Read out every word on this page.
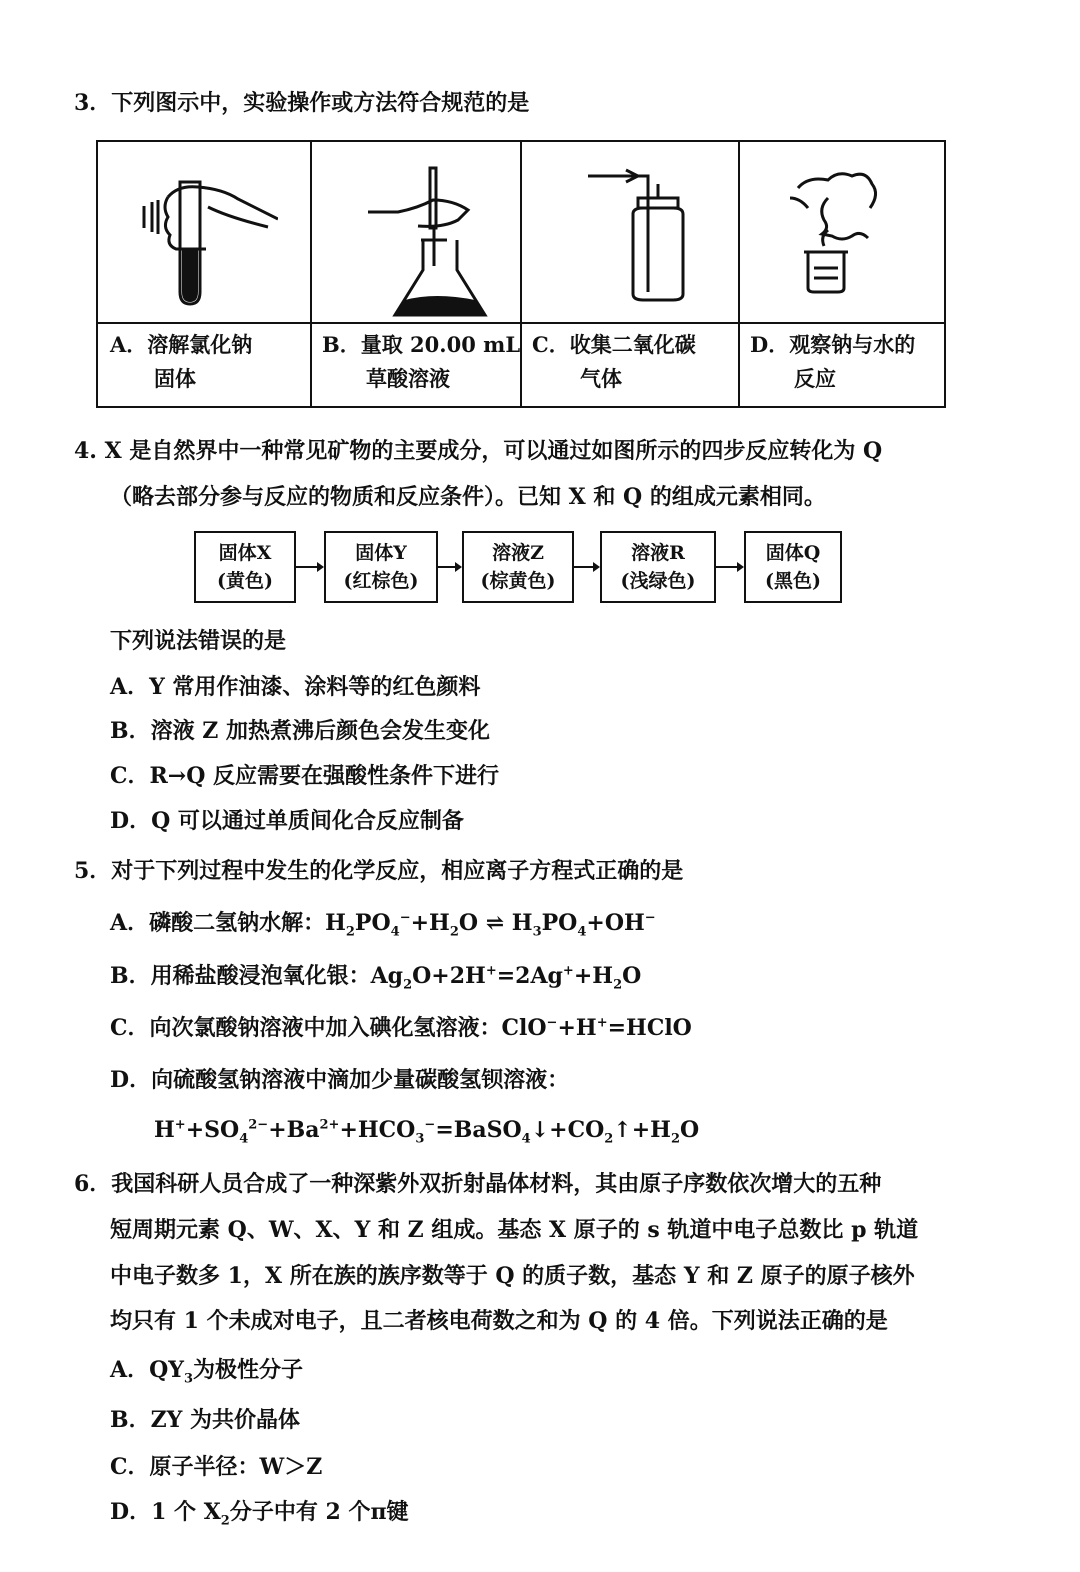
3．下列图示中，实验操作或方法符合规范的是
A．溶解氯化钠
固体
B．量取 20.00 mL
草酸溶液
C．收集二氧化碳
气体
D．观察钠与水的
反应
4. X 是自然界中一种常见矿物的主要成分，可以通过如图所示的四步反应转化为 Q
（略去部分参与反应的物质和反应条件）。已知 X 和 Q 的组成元素相同。
固体X
(黄色)
固体Y
(红棕色)
溶液Z
(棕黄色)
溶液R
(浅绿色)
固体Q
(黑色)
下列说法错误的是
A．Y 常用作油漆、涂料等的红色颜料
B．溶液 Z 加热煮沸后颜色会发生变化
C．R→Q 反应需要在强酸性条件下进行
D．Q 可以通过单质间化合反应制备
5．对于下列过程中发生的化学反应，相应离子方程式正确的是
A．磷酸二氢钠水解：$H_2PO_4^-+H_2O$ ⇌ $H_3PO_4+OH^-$
B．用稀盐酸浸泡氧化银：$Ag_2O+2H^+=2Ag^++H_2O$
C．向次氯酸钠溶液中加入碘化氢溶液：ClO−+H+=HClO
D．向硫酸氢钠溶液中滴加少量碳酸氢钡溶液：
$H^++SO_4^{2-}+Ba^{2+}+HCO_3^-=BaSO_4↓+CO_2↑+H_2O$
6．我国科研人员合成了一种深紫外双折射晶体材料，其由原子序数依次增大的五种
短周期元素 Q、W、X、Y 和 Z 组成。基态 X 原子的 s 轨道中电子总数比 p 轨道
中电子数多 1，X 所在族的族序数等于 Q 的质子数，基态 Y 和 Z 原子的原子核外
均只有 1 个未成对电子，且二者核电荷数之和为 Q 的 4 倍。下列说法正确的是
A．$QY_3$为极性分子
B．ZY 为共价晶体
C．原子半径：W＞Z
D．1 个 $X_2$分子中有 2 个π键
